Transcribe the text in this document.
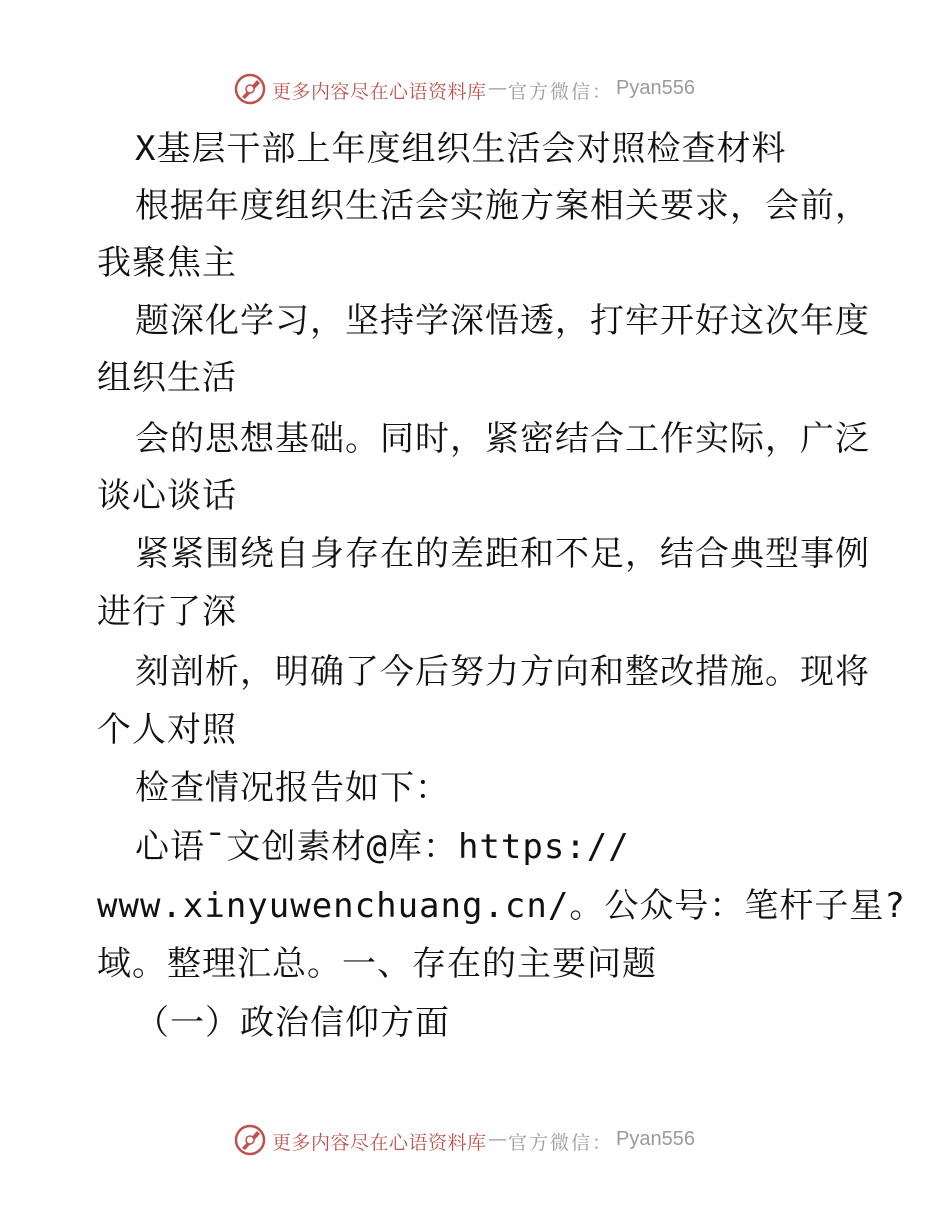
更多内容尽在心语资料库 — 官方微信： Pyan556
X基层干部上年度组织生活会对照检查材料
根据年度组织生活会实施方案相关要求，会前，
我聚焦主
题深化学习，坚持学深悟透，打牢开好这次年度
组织生活
会的思想基础。同时，紧密结合工作实际，广泛
谈心谈话
紧紧围绕自身存在的差距和不足，结合典型事例
进行了深
刻剖析，明确了今后努力方向和整改措施。现将
个人对照
检查情况报告如下：
心语¯文创素材@库：https://
www.xinyuwenchuang.cn/。公众号：笔杆子星?
域。整理汇总。一、存在的主要问题
（一）政治信仰方面
更多内容尽在心语资料库 — 官方微信： Pyan556
